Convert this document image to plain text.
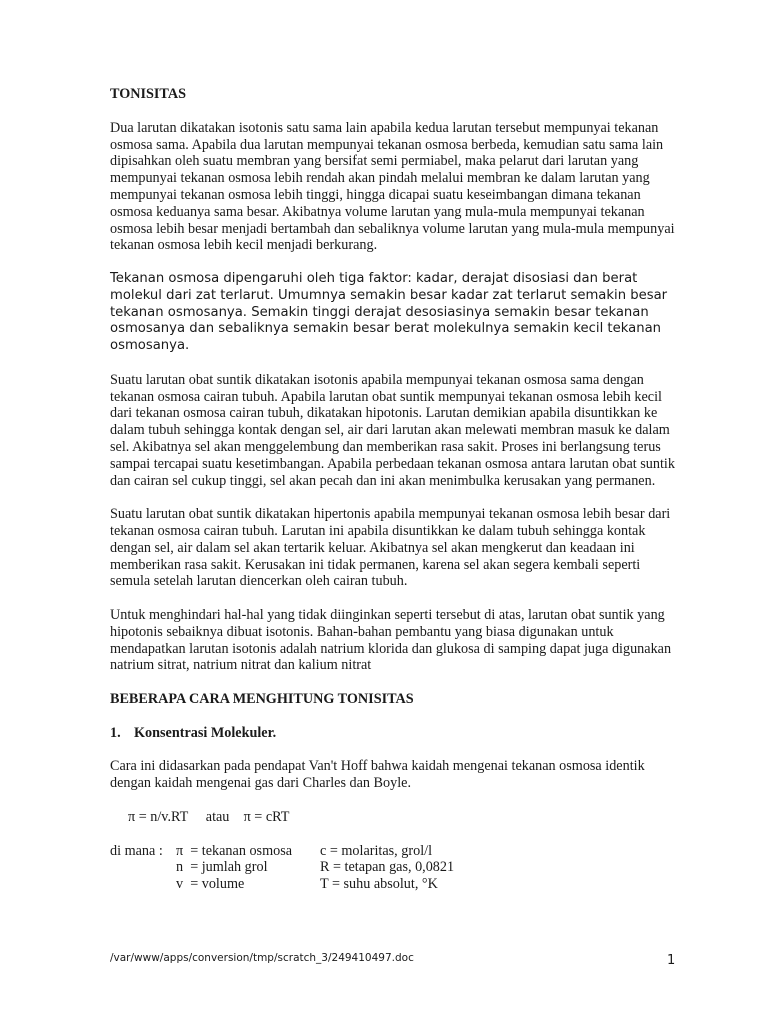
TONISITAS

Dua larutan dikatakan isotonis satu sama lain apabila kedua larutan tersebut mempunyai tekanan osmosa sama. Apabila dua larutan mempunyai tekanan osmosa berbeda, kemudian satu sama lain dipisahkan oleh suatu membran yang bersifat semi permiabel, maka pelarut dari larutan yang mempunyai tekanan osmosa lebih rendah akan pindah melalui membran ke dalam larutan yang mempunyai tekanan osmosa lebih tinggi, hingga dicapai suatu keseimbangan dimana tekanan osmosa keduanya sama besar. Akibatnya volume larutan yang mula-mula mempunyai tekanan osmosa lebih besar menjadi bertambah dan sebaliknya volume larutan yang mula-mula mempunyai tekanan osmosa lebih kecil menjadi berkurang.

Tekanan osmosa dipengaruhi oleh tiga faktor: kadar, derajat disosiasi dan berat molekul dari zat terlarut. Umumnya semakin besar kadar zat terlarut semakin besar tekanan osmosanya. Semakin tinggi derajat desosiasinya semakin besar tekanan osmosanya dan sebaliknya semakin besar berat molekulnya semakin kecil tekanan osmosanya.

Suatu larutan obat suntik dikatakan isotonis apabila mempunyai tekanan osmosa sama dengan tekanan osmosa cairan tubuh. Apabila larutan obat suntik mempunyai tekanan osmosa lebih kecil dari tekanan osmosa cairan tubuh, dikatakan hipotonis. Larutan demikian apabila disuntikkan ke dalam tubuh sehingga kontak dengan sel, air dari larutan akan melewati membran masuk ke dalam sel. Akibatnya sel akan menggelembung dan memberikan rasa sakit. Proses ini berlangsung terus sampai tercapai suatu kesetimbangan. Apabila perbedaan tekanan osmosa antara larutan obat suntik dan cairan sel cukup tinggi, sel akan pecah dan ini akan menimbulka kerusakan yang permanen.

Suatu larutan obat suntik dikatakan hipertonis apabila mempunyai tekanan osmosa lebih besar dari tekanan osmosa cairan tubuh. Larutan ini apabila disuntikkan ke dalam tubuh sehingga kontak dengan sel, air dalam sel akan tertarik keluar. Akibatnya sel akan mengkerut dan keadaan ini memberikan rasa sakit. Kerusakan ini tidak permanen, karena sel akan segera kembali seperti semula setelah larutan diencerkan oleh cairan tubuh.

Untuk menghindari hal-hal yang tidak diinginkan seperti tersebut di atas, larutan obat suntik yang hipotonis sebaiknya dibuat isotonis. Bahan-bahan pembantu yang biasa digunakan untuk mendapatkan larutan isotonis adalah natrium klorida dan glukosa di samping dapat juga digunakan natrium sitrat, natrium nitrat dan kalium nitrat

BEBERAPA CARA MENGHITUNG TONISITAS
1. Konsentrasi Molekuler.

Cara ini didasarkan pada pendapat Van't Hoff bahwa kaidah mengenai tekanan osmosa identik dengan kaidah mengenai gas dari Charles dan Boyle.

π = n/v.RT     atau    π = cRT
di mana : π  = tekanan osmosa	c = molaritas, grol/l
n  = jumlah grol	R = tetapan gas, 0,0821
v  = volume	T = suhu absolut, °K
/var/www/apps/conversion/tmp/scratch_3/249410497.doc	1
